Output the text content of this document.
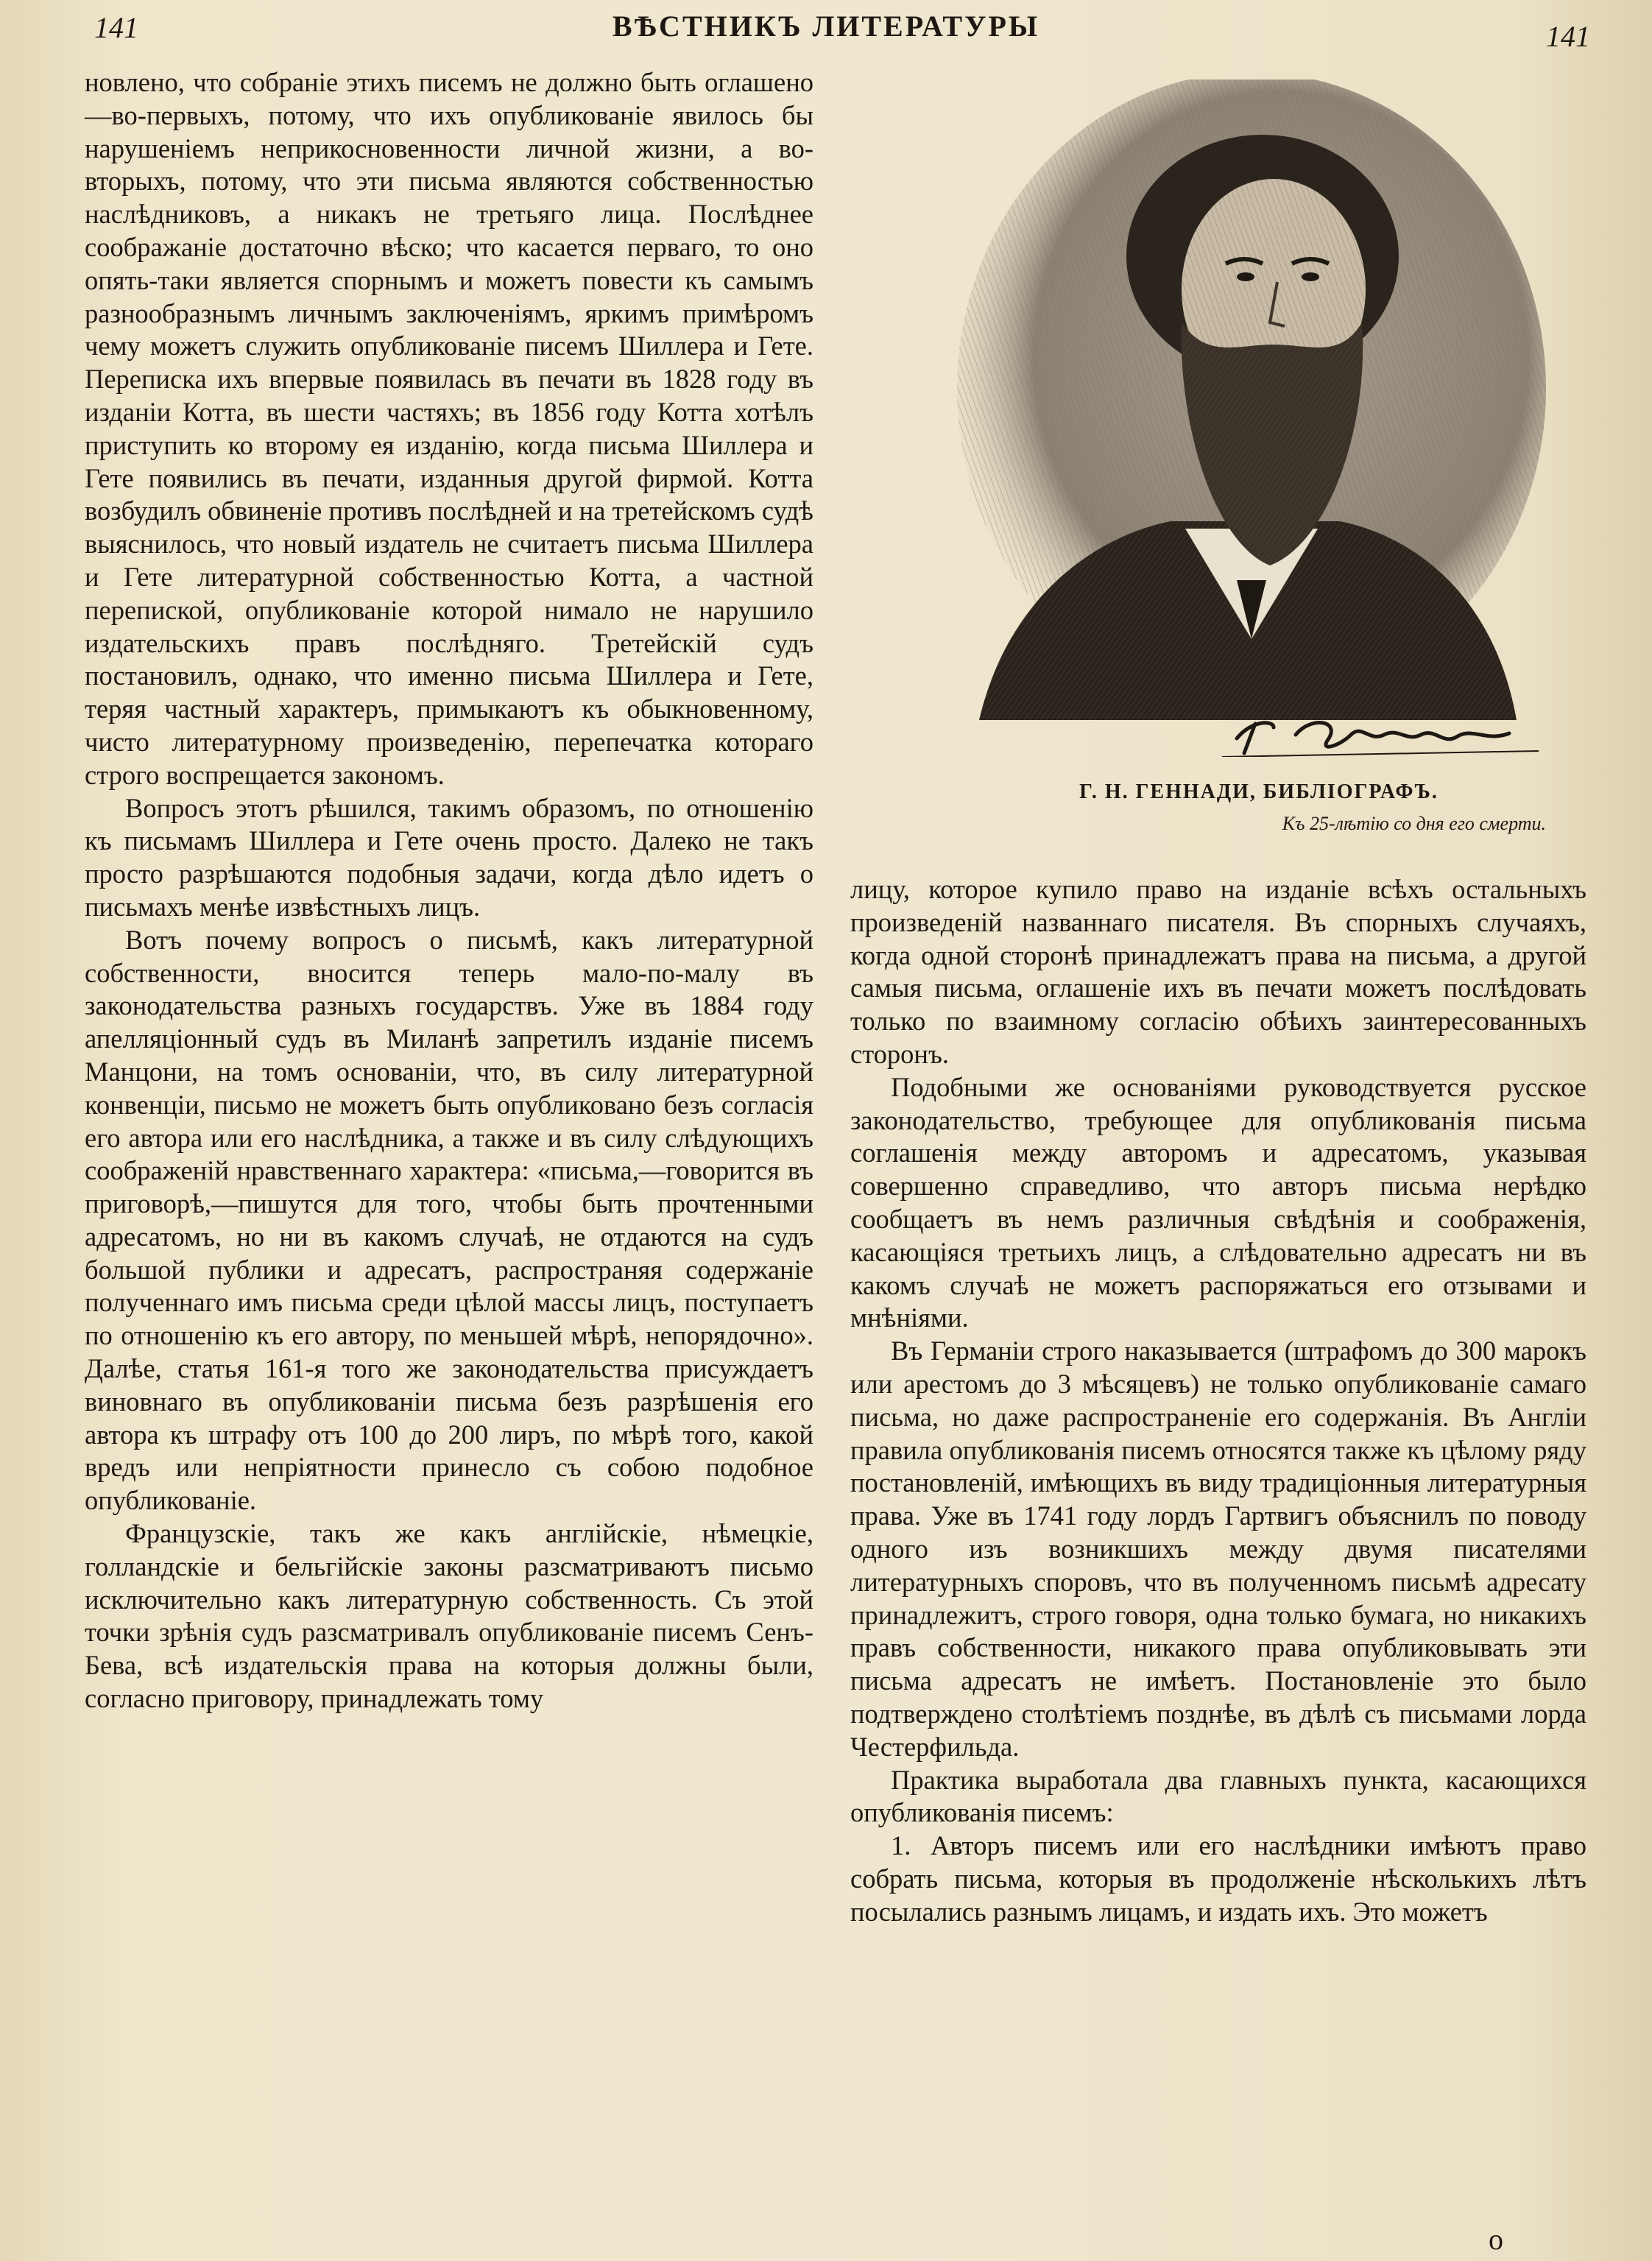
141	ВѢСТНИКЪ ЛИТЕРАТУРЫ	141

новлено, что собраніе этихъ писемъ не должно быть оглашено—во-первыхъ, потому, что ихъ опубликованіе явилось бы нарушеніемъ неприкосновенности личной жизни, а во-вторыхъ, потому, что эти письма являются собственностью наслѣдниковъ, а никакъ не третьяго лица. Послѣднее соображаніе достаточно вѣско; что касается перваго, то оно опять-таки является спорнымъ и можетъ повести къ самымъ разнообразнымъ личнымъ заключеніямъ, яркимъ примѣромъ чему можетъ служить опубликованіе писемъ Шиллера и Гете. Переписка ихъ впервые появилась въ печати въ 1828 году въ изданіи Котта, въ шести частяхъ; въ 1856 году Котта хотѣлъ приступить ко второму ея изданію, когда письма Шиллера и Гете появились въ печати, изданныя другой фирмой. Котта возбудилъ обвиненіе противъ послѣдней и на третейскомъ судѣ выяснилось, что новый издатель не считаетъ письма Шиллера и Гете литературной собственностью Котта, а частной перепиской, опубликованіе которой нимало не нарушило издательскихъ правъ послѣдняго. Третейскій судъ постановилъ, однако, что именно письма Шиллера и Гете, теряя частный характеръ, примыкаютъ къ обыкновенному, чисто литературному произведенію, перепечатка котораго строго воспрещается закономъ.

Вопросъ этотъ рѣшился, такимъ образомъ, по отношенію къ письмамъ Шиллера и Гете очень просто. Далеко не такъ просто разрѣшаются подобныя задачи, когда дѣло идетъ о письмахъ менѣе извѣстныхъ лицъ.

Вотъ почему вопросъ о письмѣ, какъ литературной собственности, вносится теперь мало-по-малу въ законодательства разныхъ государствъ. Уже въ 1884 году апелляціонный судъ въ Миланѣ запретилъ изданіе писемъ Манцони, на томъ основаніи, что, въ силу литературной конвенціи, письмо не можетъ быть опубликовано безъ согласія его автора или его наслѣдника, а также и въ силу слѣдующихъ соображеній нравственнаго характера: «письма,—говорится въ приговорѣ,—пишутся для того, чтобы быть прочтенными адресатомъ, но ни въ какомъ случаѣ, не отдаются на судъ большой публики и адресатъ, распространяя содержаніе полученнаго имъ письма среди цѣлой массы лицъ, поступаетъ по отношенію къ его автору, по меньшей мѣрѣ, непорядочно». Далѣе, статья 161-я того же законодательства присуждаетъ виновнаго въ опубликованіи письма безъ разрѣшенія его автора къ штрафу отъ 100 до 200 лиръ, по мѣрѣ того, какой вредъ или непріятности принесло съ собою подобное опубликованіе.

Французскіе, такъ же какъ англійскіе, нѣмецкіе, голландскіе и бельгійскіе законы разсматриваютъ письмо исключительно какъ литературную собственность. Съ этой точки зрѣнія судъ разсматривалъ опубликованіе писемъ Сенъ-Бева, всѣ издательскія права на которыя должны были, согласно приговору, принадлежать тому

Г. Н. ГЕННАДИ, БИБЛІОГРАФЪ.
Къ 25-лѣтію со дня его смерти.

лицу, которое купило право на изданіе всѣхъ остальныхъ произведеній названнаго писателя. Въ спорныхъ случаяхъ, когда одной сторонѣ принадлежатъ права на письма, а другой самыя письма, оглашеніе ихъ въ печати можетъ послѣдовать только по взаимному согласію обѣихъ заинтересованныхъ сторонъ.

Подобными же основаніями руководствуется русское законодательство, требующее для опубликованія письма соглашенія между авторомъ и адресатомъ, указывая совершенно справедливо, что авторъ письма нерѣдко сообщаетъ въ немъ различныя свѣдѣнія и соображенія, касающіяся третьихъ лицъ, а слѣдовательно адресатъ ни въ какомъ случаѣ не можетъ распоряжаться его отзывами и мнѣніями.

Въ Германіи строго наказывается (штрафомъ до 300 марокъ или арестомъ до 3 мѣсяцевъ) не только опубликованіе самаго письма, но даже распространеніе его содержанія. Въ Англіи правила опубликованія писемъ относятся также къ цѣлому ряду постановленій, имѣющихъ въ виду традиціонныя литературныя права. Уже въ 1741 году лордъ Гартвигъ объяснилъ по поводу одного изъ возникшихъ между двумя писателями литературныхъ споровъ, что въ полученномъ письмѣ адресату принадлежитъ, строго говоря, одна только бумага, но никакихъ правъ собственности, никакого права опубликовывать эти письма адресатъ не имѣетъ. Постановленіе это было подтверждено столѣтіемъ позднѣе, въ дѣлѣ съ письмами лорда Честерфильда.

Практика выработала два главныхъ пункта, касающихся опубликованія писемъ:

1. Авторъ писемъ или его наслѣдники имѣютъ право собрать письма, которыя въ продолженіе нѣсколькихъ лѣтъ посылались разнымъ лицамъ, и издать ихъ. Это можетъ

o
